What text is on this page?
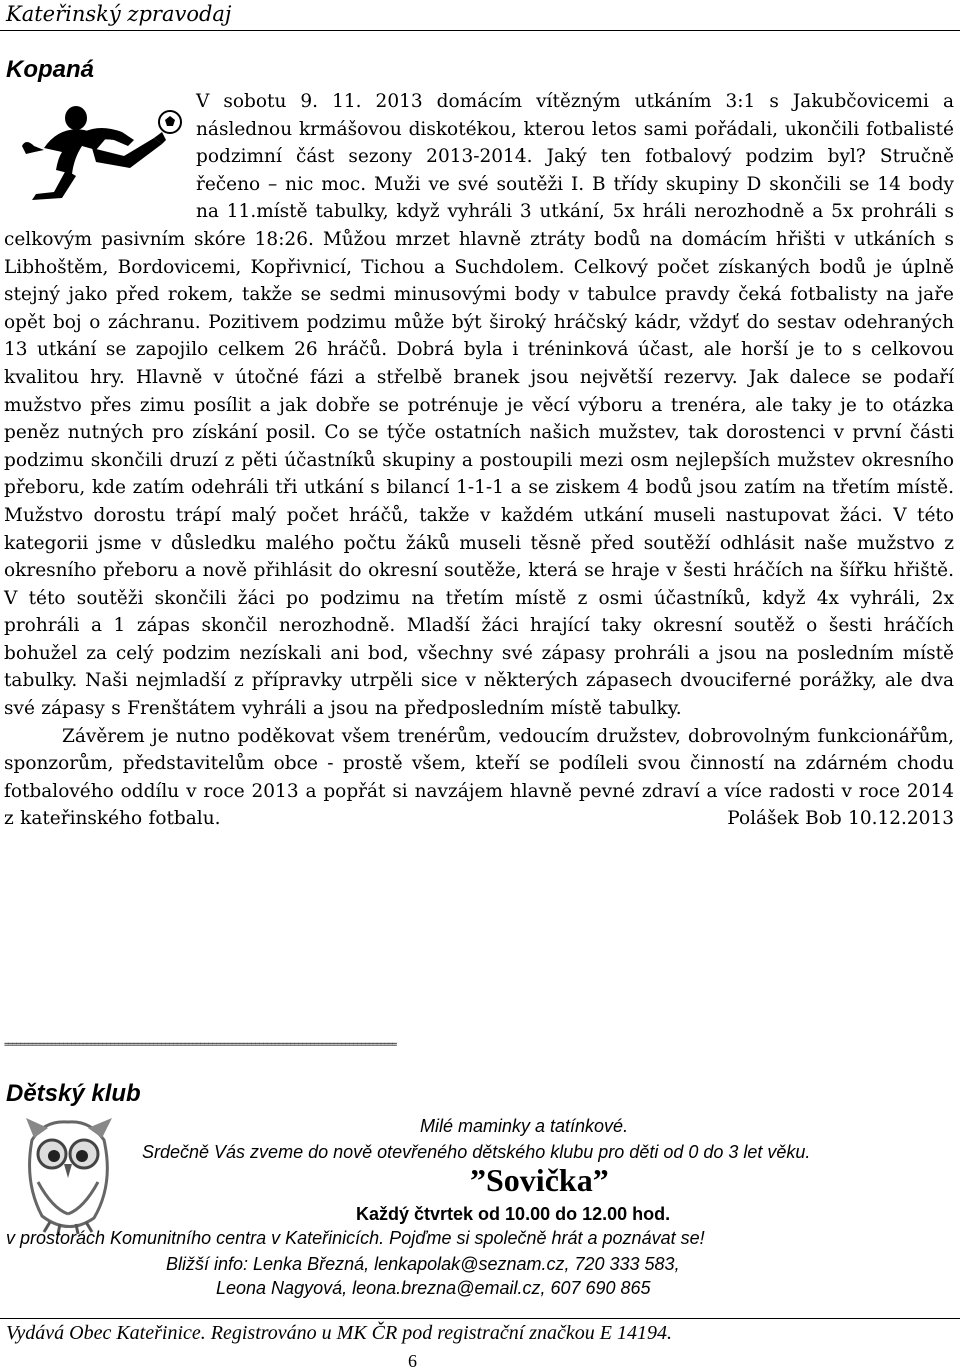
Kateřinský zpravodaj
Kopaná

V sobotu 9. 11. 2013 domácím vítězným utkáním 3:1 s Jakubčovicemi a následnou krmášovou diskotékou, kterou letos sami pořádali, ukončili fotbalisté podzimní část sezony 2013-2014. Jaký ten fotbalový podzim byl? Stručně řečeno – nic moc. Muži ve své soutěži I. B třídy skupiny D skončili se 14 body na 11.místě tabulky, když vyhráli 3 utkání, 5x hráli nerozhodně a 5x prohráli s celkovým pasivním skóre 18:26. Můžou mrzet hlavně ztráty bodů na domácím hřišti v utkáních s Libhoštěm, Bordovicemi, Kopřivnicí, Tichou a Suchdolem. Celkový počet získaných bodů je úplně stejný jako před rokem, takže se sedmi minusovými body v tabulce pravdy čeká fotbalisty na jaře opět boj o záchranu. Pozitivem podzimu může být široký hráčský kádr, vždyť do sestav odehraných 13 utkání se zapojilo celkem 26 hráčů. Dobrá byla i tréninková účast, ale horší je to s celkovou kvalitou hry. Hlavně v útočné fázi a střelbě branek jsou největší rezervy. Jak dalece se podaří mužstvo přes zimu posílit a jak dobře se potrénuje je věcí výboru a trenéra, ale taky je to otázka peněz nutných pro získání posil. Co se týče ostatních našich mužstev, tak dorostenci v první části podzimu skončili druzí z pěti účastníků skupiny a postoupili mezi osm nejlepších mužstev okresního přeboru, kde zatím odehráli tři utkání s bilancí 1-1-1 a se ziskem 4 bodů jsou zatím na třetím místě. Mužstvo dorostu trápí malý počet hráčů, takže v každém utkání museli nastupovat žáci. V této kategorii jsme v důsledku malého počtu žáků museli těsně před soutěží odhlásit naše mužstvo z okresního přeboru a nově přihlásit do okresní soutěže, která se hraje v šesti hráčích na šířku hřiště. V této soutěži skončili žáci po podzimu na třetím místě z osmi účastníků, když 4x vyhráli, 2x prohráli a 1 zápas skončil nerozhodně. Mladší žáci hrající taky okresní soutěž o šesti hráčích bohužel za celý podzim nezískali ani bod, všechny své zápasy prohráli a jsou na posledním místě tabulky. Naši nejmladší z přípravky utrpěli sice v některých zápasech dvouciferné porážky, ale dva své zápasy s Frenštátem vyhráli a jsou na předposledním místě tabulky.

Závěrem je nutno poděkovat všem trenérům, vedoucím družstev, dobrovolným funkcionářům, sponzorům, představitelům obce - prostě všem, kteří se podíleli svou činností na zdárném chodu fotbalového oddílu v roce 2013 a popřát si navzájem hlavně pevné zdraví a více radosti v roce 2014 z kateřinského fotbalu.	Polášek Bob 10.12.2013
====================================================================================================
Dětský klub
Milé maminky a tatínkové.
Srdečně Vás zveme do nově otevřeného dětského klubu pro děti od 0 do 3 let věku.
Každý čtvrtek od 10.00 do 12.00 hod.
v prostorách Komunitního centra v Kateřinicích. Pojďme si společně hrát a poznávat se!
Bližší info: Lenka Březná, lenkapolak@seznam.cz, 720 333 583,
Leona Nagyová, leona.brezna@email.cz, 607 690 865
”Sovička”
Vydává Obec Kateřinice. Registrováno u MK ČR pod registrační značkou E 14194.
6
